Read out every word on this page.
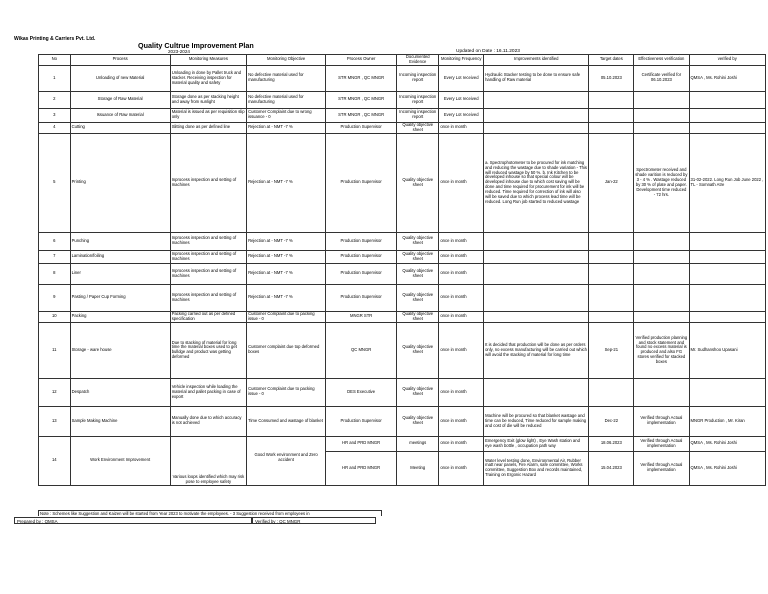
Wikas Printing & Carriers Pvt. Ltd.
Quality Cultrue Improvement Plan
2023-2024	Updated on Date : 16.11.2023
No	Process	Monitoring Measures	Monitoring Objective	Process Owner	Documented Evidence	Monitoring Frequency	Improvements identified	Target dates	Effectiveness verification	verified by
1	Unloading of new Material	Unloading in done by Pallet truck and stacker. Receiving inspection for material quality and safety	No defective material used for manufacturing	STR MNGR , QC MNGR	Incoming inspection report	Every Lot received	Hydraulic Stacker testing to be done to ensure safe handling of Raw material	05.10.2023	Certificate verified for 06.10.2023	QMSA , Ms. Rohini Joshi
2	Storage of Raw Material	Storage done as per stacking height and away from sunlight	No defective material used for manufacturing	STR MNGR , QC MNGR	Incoming inspection report	Every Lot received				
3	Issuance of Raw material	Material is issued as per requisition slip only	Customer Complaint due to wrong issuance - 0	STR MNGR , QC MNGR	Incoming inspection report	Every Lot received				
4	Cutting	Slitting done as per defined line	Rejection at - NMT -7 %	Production Supervisor	Quality objective sheet	once in month				
5	Printing	Inprocess inspection and setting of machines	Rejection at - NMT -7 %	Production Supervisor	Quality objective sheet	once in month	a. Spectrophotometer to be procured for ink matching and reducing the wastage due to shade variation - This will reduced wastage by 50 %. b. Ink Kitchen to be developed inhouse so that special colour will be developed inhouse due to which cost saving will be done and time required for procurement for ink will be reduced. Time required for correction of ink will also will be saved due to which process lead time will be reduced. Long Run job started to reduced wastage	Jan-22	Spectrometer received and shade varition is reduced by 3 - 4 % . Wastage reduced by 30 % of plate and paper. Development time reduced - 72 hrs.	31-02-2022. Long Run Job June 2022 , TL - Somnath Atre
6	Punching	Inprocess inspection and setting of machines	Rejection at - NMT -7 %	Production Supervisor	Quality objective sheet	once in month				
7	Lamination/foiling	Inprocess inspection and setting of machines	Rejection at - NMT -7 %	Production Supervisor	Quality objective sheet	once in month				
8	Liner	Inprocess inspection and setting of machines	Rejection at - NMT -7 %	Production Supervisor	Quality objective sheet	once in month				
9	Pasting / Paper Cup Forming	Inprocess inspection and setting of machines	Rejection at - NMT -7 %	Production Supervisor	Quality objective sheet	once in month				
10	Packing	Packing carried out as per defined specification	Customer Complaint due to packing issue - 0	MNGR STR	Quality objective sheet	once in month				
11	Storage - ware house	Due to stacking of material for long time the material boxes used to get bulldge and product was getting deformed	Customer complaint due top deformed boxes	QC MNGR	Quality objective sheet	once in month	It is decided that production will be done as per orders only, no excess manufacturing will be carried out which will avoid the stacking of material for long time	Sep-21	Verified production planning and stock statement and found no excess material is produced and also FG stores verified for stacked boxes	Mr. Sudhanshoo Upasani
12	Despatch	Vehicle inspection while loading the material and pallet packing in case of export	Customer Complaint due to packing issue - 0	DES Executive	Quality objective sheet	once in month				
13	Sample Making Machine	Manually done due to which accuracy is not achieved	Time Consumed and wastage of blanket	Production Supervisor	Quality objective sheet	once in month	Machine will be procured so that blanket wastage and time can be reduced, Time reduced for sample making and cost of die will be reduced	Dec-22	Verified through Actual implementation	MNGR Production , Mr. Kiran
14	Work Environment Improvement	Various loops identified which may risk pose to employee safety	Good Work environment and Zero accident	HR and PRD MNGR	meetings	once in month	Emergency Exit (glow light) , Eye Wash station and eye wash bottle , occupation path way	18.06.2023	Verified through Actual implementation	QMSA , Ms. Rohini Joshi
				HR and PRD MNGR	Meeting	once in month	Water level testing done, Environmental Air, Rubber matt near panels, Fire Alarm, safe committee, Works committee, Suggestion Box and records maintained, Training on Ergonic Hazard	15.04.2023	Verified through Actual implementation	QMSA , Ms. Rohini Joshi
Note : Schemes like Suggestion and Kaizen will be started from Year 2023 to motivate the employees. - 3 Suggestion received from employees in
Prepared by : QMSA	Verified by : QC MNGR
